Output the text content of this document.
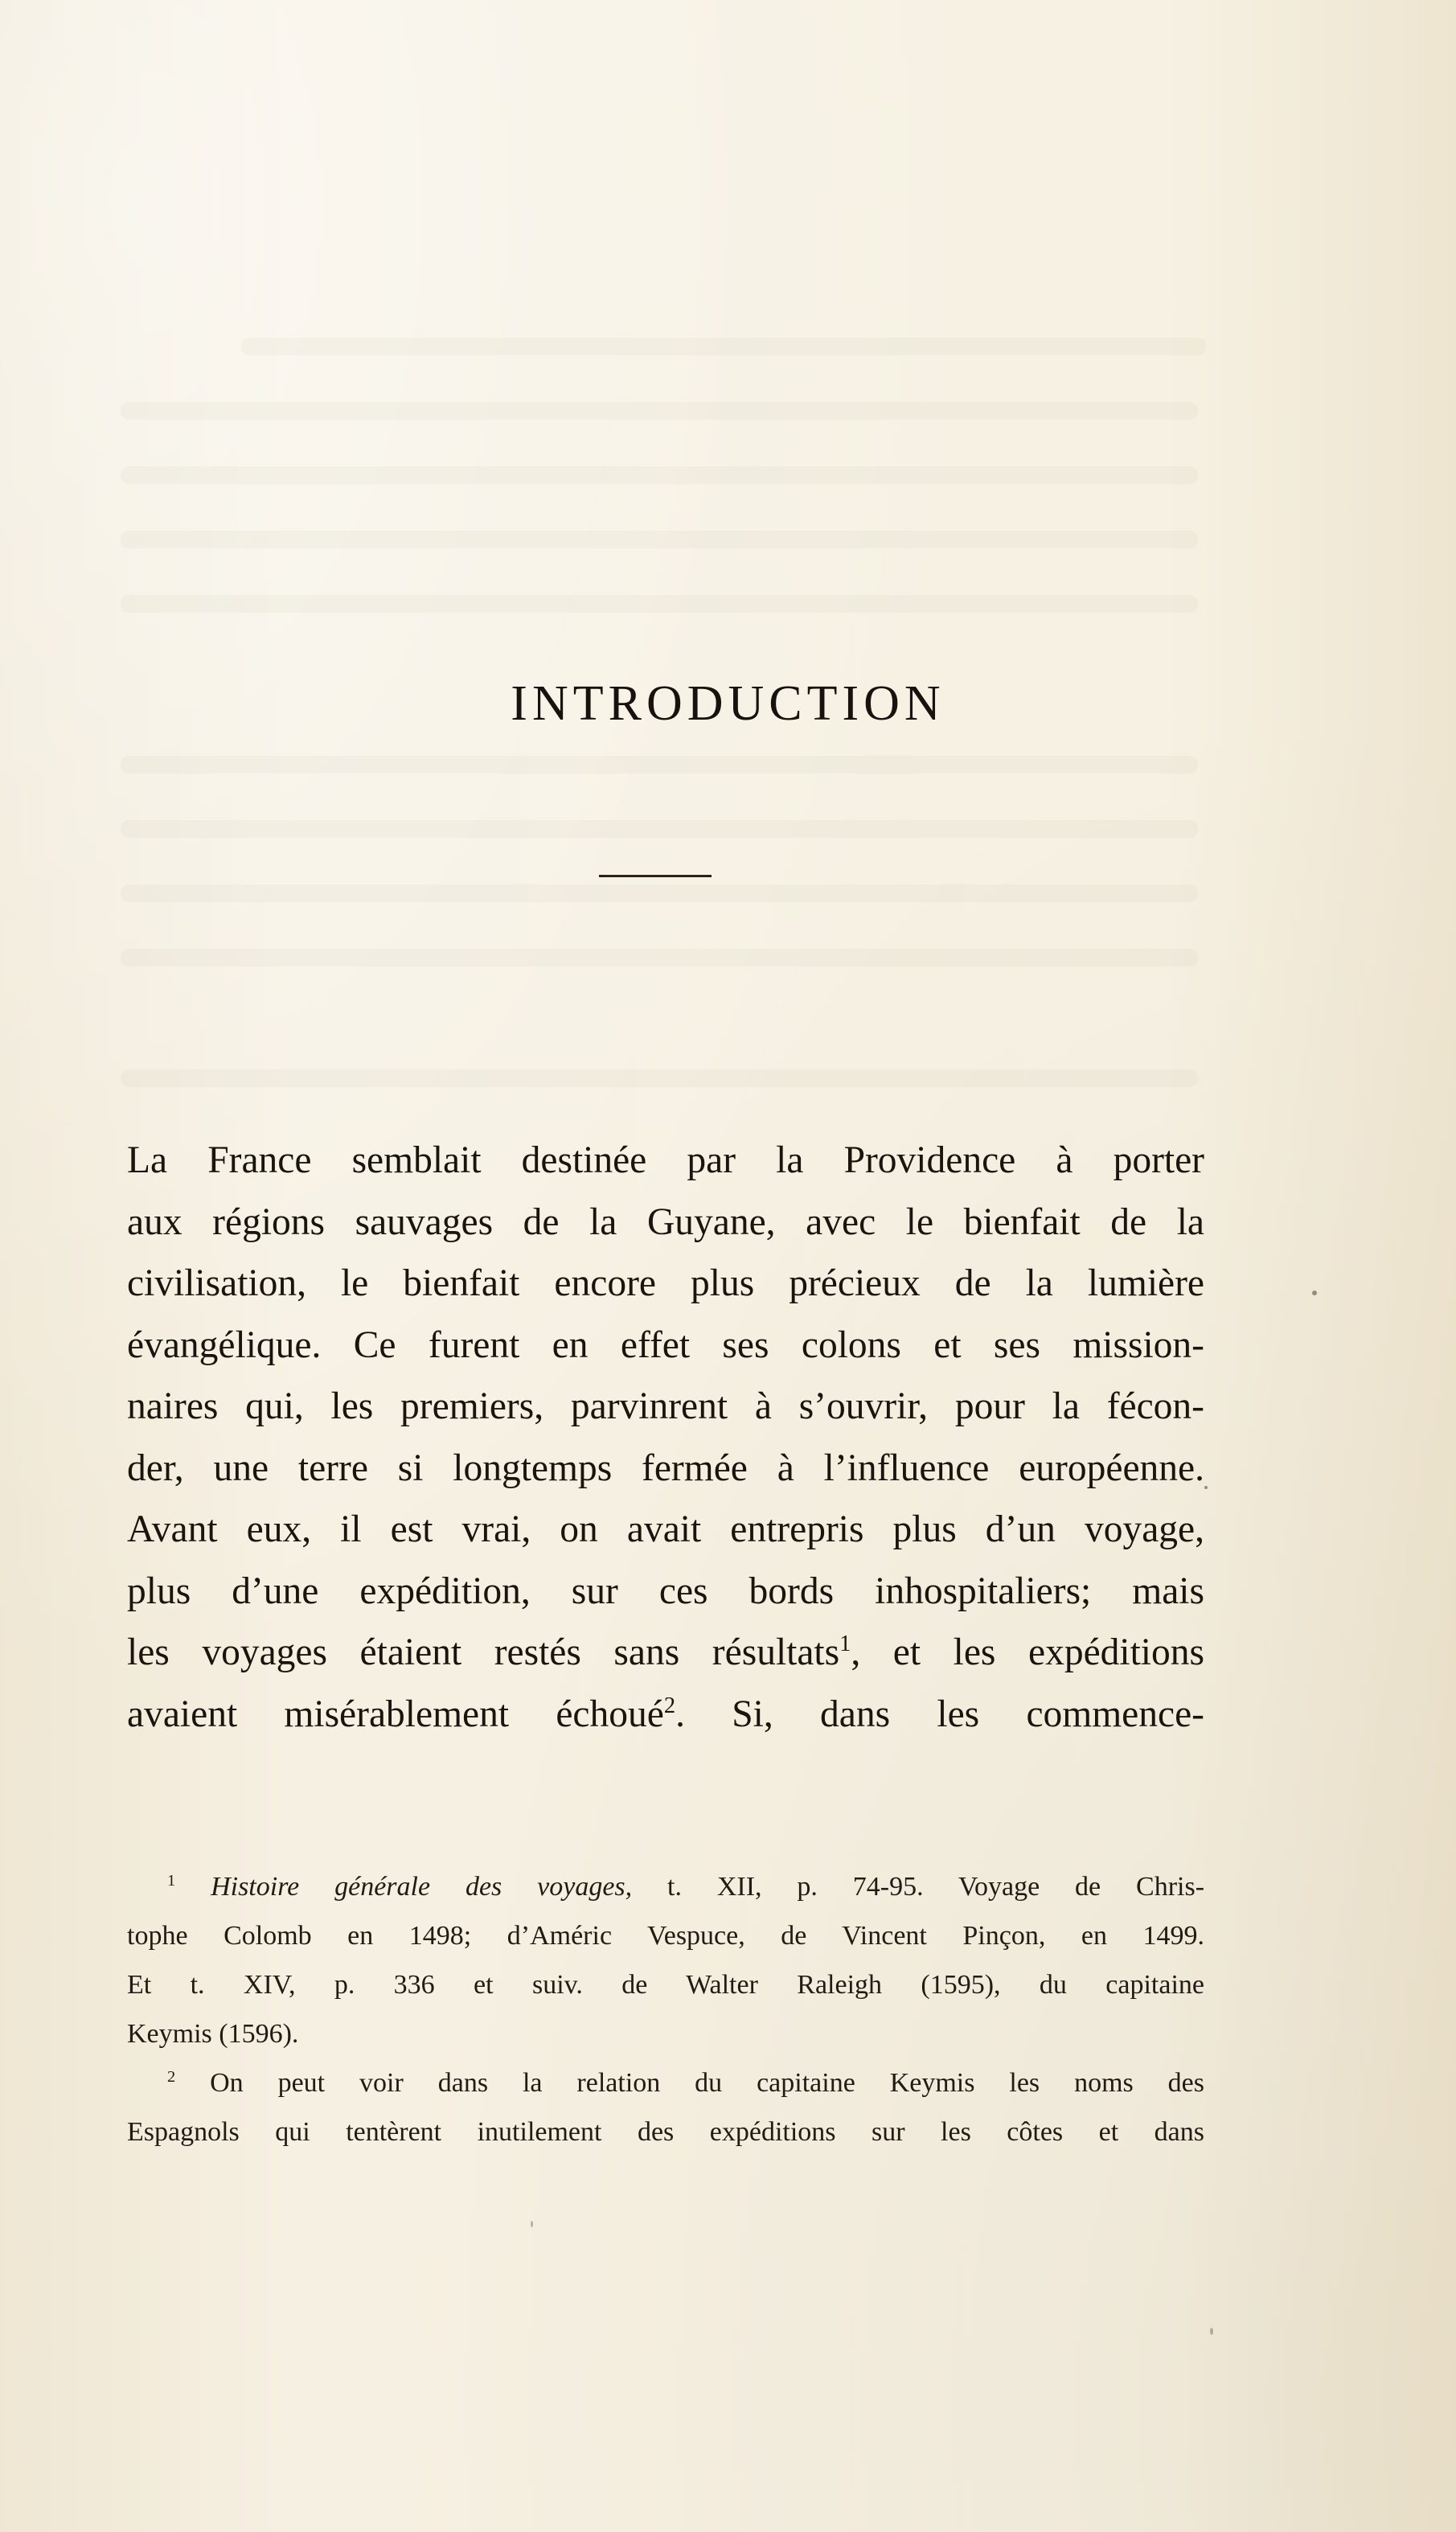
INTRODUCTION
La France semblait destinée par la Providence à porter
aux régions sauvages de la Guyane, avec le bienfait de la
civilisation, le bienfait encore plus précieux de la lumière
évangélique. Ce furent en effet ses colons et ses mission-
naires qui, les premiers, parvinrent à s’ouvrir, pour la fécon-
der, une terre si longtemps fermée à l’influence européenne.
Avant eux, il est vrai, on avait entrepris plus d’un voyage,
plus d’une expédition, sur ces bords inhospitaliers; mais
les voyages étaient restés sans résultats$^1$, et les expéditions
avaient misérablement échoué$^2$. Si, dans les commence-
$^1$ Histoire générale des voyages, t. XII, p. 74-95. Voyage de Chris-
tophe Colomb en 1498; d’Améric Vespuce, de Vincent Pinçon, en 1499.
Et t. XIV, p. 336 et suiv. de Walter Raleigh (1595), du capitaine
Keymis (1596).
$^2$ On peut voir dans la relation du capitaine Keymis les noms des
Espagnols qui tentèrent inutilement des expéditions sur les côtes et dans
